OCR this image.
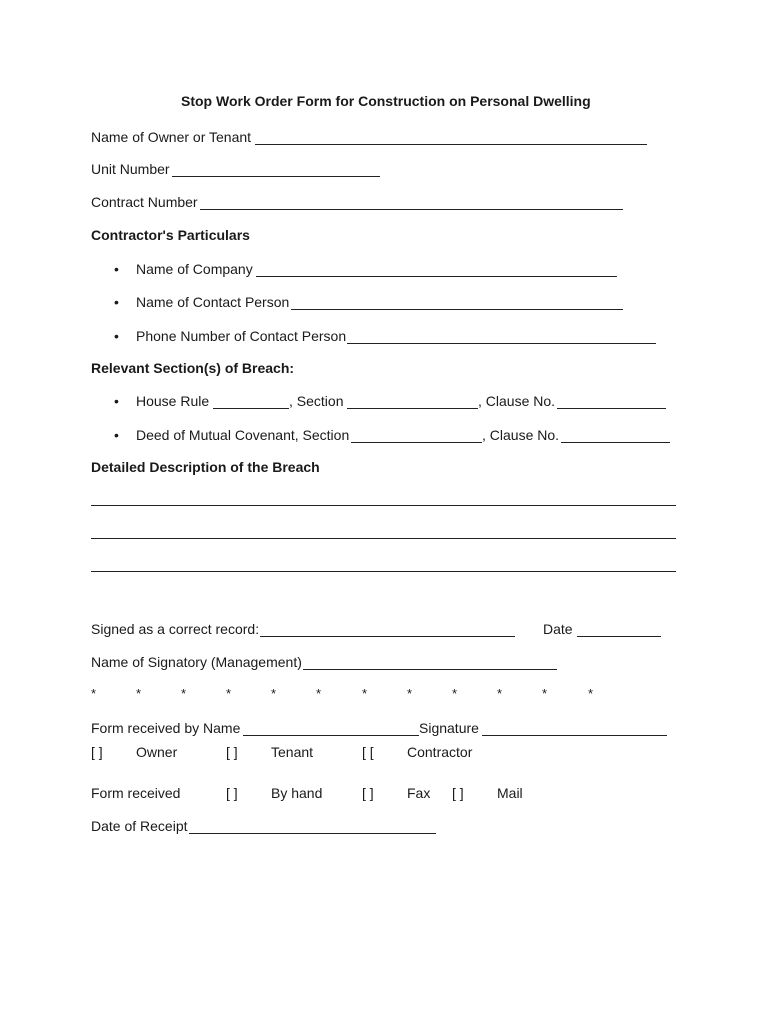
Stop Work Order Form for Construction on Personal Dwelling
Name of Owner or Tenant
Unit Number
Contract Number
Contractor's Particulars
• Name of Company
• Name of Contact Person
• Phone Number of Contact Person
Relevant Section(s) of Breach:
• House Rule	, Section	, Clause No.
• Deed of Mutual Covenant, Section	, Clause No.
Detailed Description of the Breach
Signed as a correct record:	Date
Name of Signatory (Management)
*	*	*	*	*	*	*	*	*	*	*	*
Form received by Name	Signature
[ ] Owner	[ ] Tenant	[ [ Contractor
Form received	[ ] By hand	[ ] Fax [ ] Mail
Date of Receipt
